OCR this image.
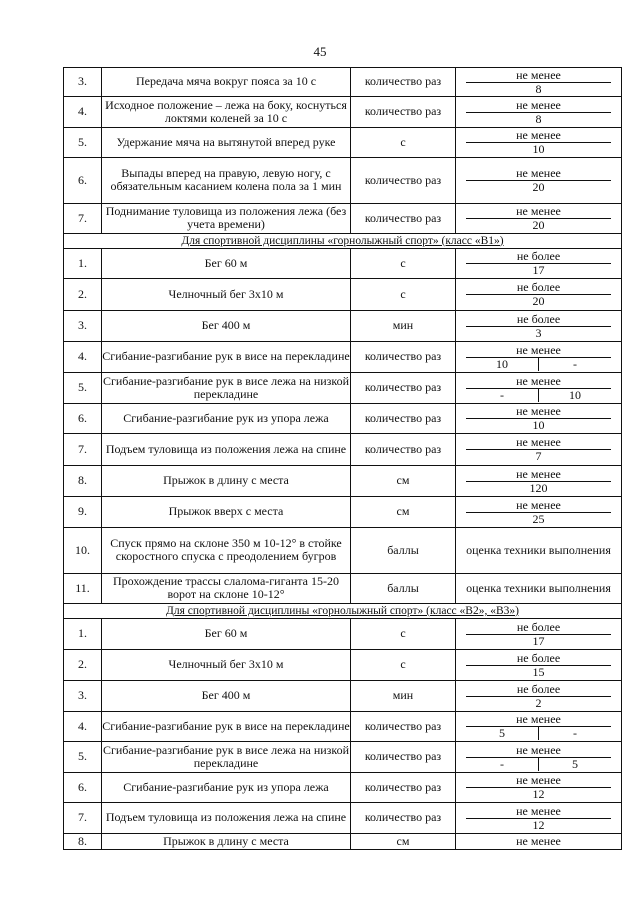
45
3.	Передача мяча вокруг пояса за 10 с	количество раз	не менее
8

4.	Исходное положение – лежа на боку, коснуться локтями коленей за 10 с	количество раз	не менее
8

5.	Удержание мяча на вытянутой вперед руке	с	не менее
10

6.	Выпады вперед на правую, левую ногу, с обязательным касанием колена пола за 1 мин	количество раз	не менее
20

7.	Поднимание туловища из положения лежа (без учета времени)	количество раз	не менее
20

Для спортивной дисциплины «горнолыжный спорт» (класс «В1»)			
1.	Бег 60 м	с	не более
17

2.	Челночный бег 3x10 м	с	не более
20

3.	Бег 400 м	мин	не более
3

4.	Сгибание-разгибание рук в висе на перекладине	количество раз	не менее
10 -

5.	Сгибание-разгибание рук в висе лежа на низкой перекладине	количество раз	не менее
- 10

6.	Сгибание-разгибание рук из упора лежа	количество раз	не менее
10

7.	Подъем туловища из положения лежа на спине	количество раз	не менее
7

8.	Прыжок в длину с места	см	не менее
120

9.	Прыжок вверх с места	см	не менее
25

10.	Спуск прямо на склоне 350 м 10-12° в стойке скоростного спуска с преодолением бугров	баллы	оценка техники выполнения
11.	Прохождение трассы слалома-гиганта 15-20 ворот на склоне 10-12°	баллы	оценка техники выполнения
Для спортивной дисциплины «горнолыжный спорт» (класс «В2», «В3»)			
1.	Бег 60 м	с	не более
17

2.	Челночный бег 3x10 м	с	не более
15

3.	Бег 400 м	мин	не более
2

4.	Сгибание-разгибание рук в висе на перекладине	количество раз	не менее
5 -

5.	Сгибание-разгибание рук в висе лежа на низкой перекладине	количество раз	не менее
- 5

6.	Сгибание-разгибание рук из упора лежа	количество раз	не менее
12

7.	Подъем туловища из положения лежа на спине	количество раз	не менее
12

8.	Прыжок в длину с места	см	не менее
